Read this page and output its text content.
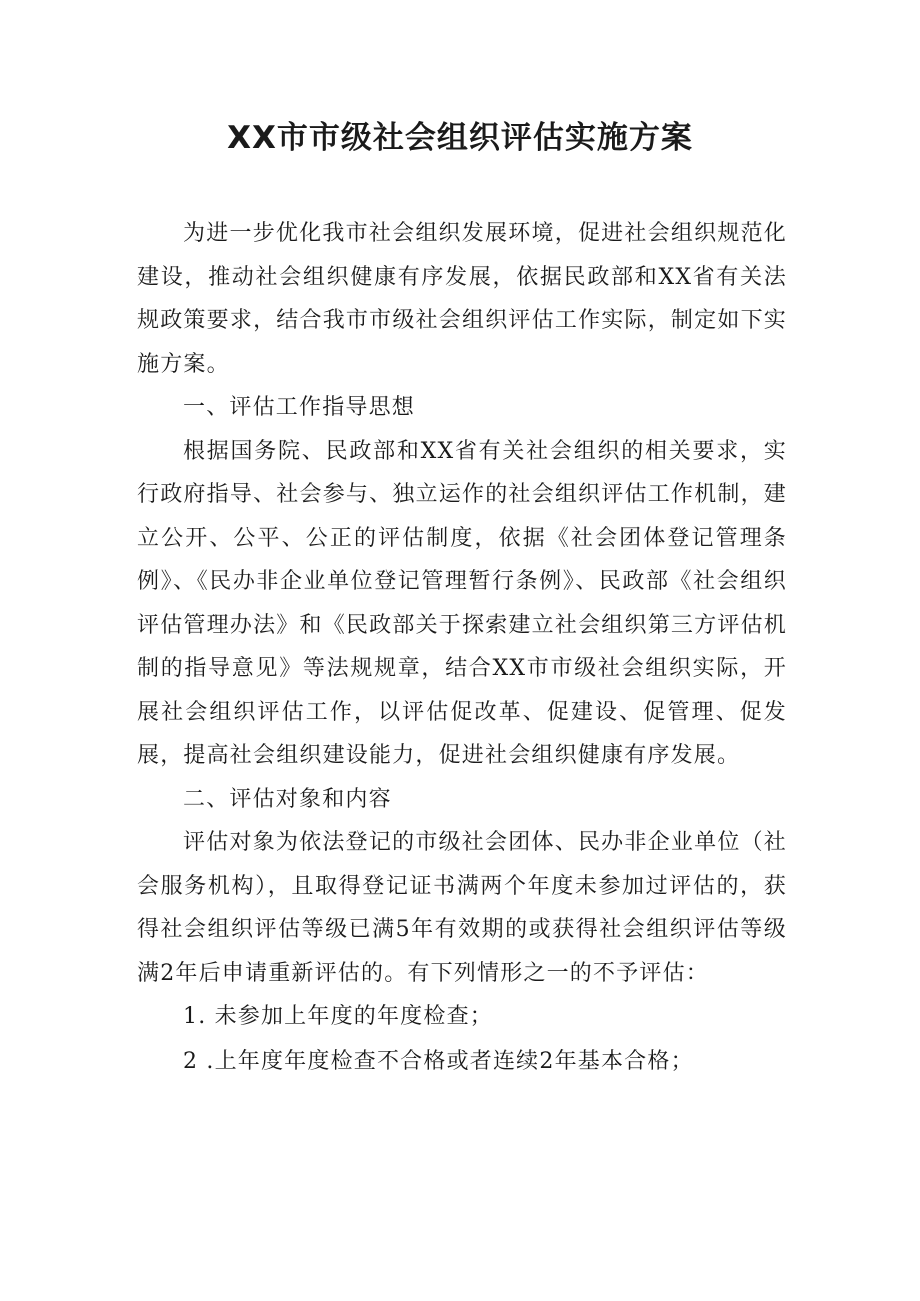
XX市市级社会组织评估实施方案

为进一步优化我市社会组织发展环境，促进社会组织规范化建设，推动社会组织健康有序发展，依据民政部和XX省有关法规政策要求，结合我市市级社会组织评估工作实际，制定如下实施方案。

一、评估工作指导思想

根据国务院、民政部和XX省有关社会组织的相关要求，实行政府指导、社会参与、独立运作的社会组织评估工作机制，建立公开、公平、公正的评估制度，依据《社会团体登记管理条例》、《民办非企业单位登记管理暂行条例》、民政部《社会组织评估管理办法》和《民政部关于探索建立社会组织第三方评估机制的指导意见》等法规规章，结合XX市市级社会组织实际，开展社会组织评估工作，以评估促改革、促建设、促管理、促发展，提高社会组织建设能力，促进社会组织健康有序发展。

二、评估对象和内容

评估对象为依法登记的市级社会团体、民办非企业单位（社会服务机构），且取得登记证书满两个年度未参加过评估的，获得社会组织评估等级已满5年有效期的或获得社会组织评估等级满2年后申请重新评估的。有下列情形之一的不予评估：

1. 未参加上年度的年度检查；

2 .上年度年度检查不合格或者连续2年基本合格；
